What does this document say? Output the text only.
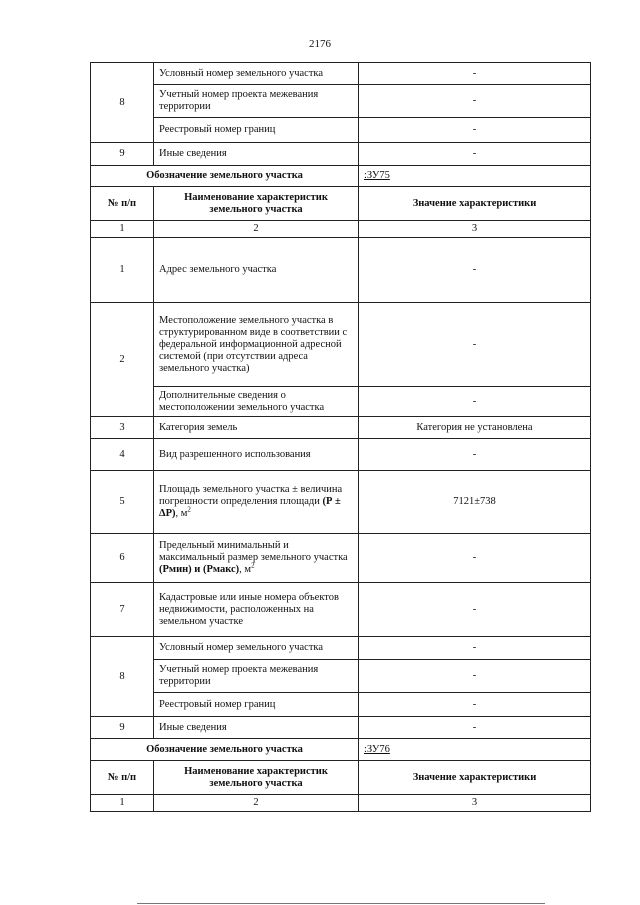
2176
8	Условный номер земельного участка	-
	Учетный номер проекта межевания территории	-
	Реестровый номер границ	-
9	Иные сведения	-
Обозначение земельного участка		:ЗУ75
№ п/п	Наименование характеристик земельного участка	Значение характеристики
1	2	3
1	Адрес земельного участка	-
2	Местоположение земельного участка в структурированном виде в соответствии с федеральной информационной адресной системой (при отсутствии адреса земельного участка)	-
	Дополнительные сведения о местоположении земельного участка	-
3	Категория земель	Категория не установлена
4	Вид разрешенного использования	-
5	Площадь земельного участка ± величина погрешности определения площади (Р ± ΔР), $м^2$	7121±738
6	Предельный минимальный и максимальный размер земельного участка (Рмин) и (Рмакс), $м^2$	-
7	Кадастровые или иные номера объектов недвижимости, расположенных на земельном участке	-
8	Условный номер земельного участка	-
	Учетный номер проекта межевания территории	-
	Реестровый номер границ	-
9	Иные сведения	-
Обозначение земельного участка		:ЗУ76
№ п/п	Наименование характеристик земельного участка	Значение характеристики
1	2	3
